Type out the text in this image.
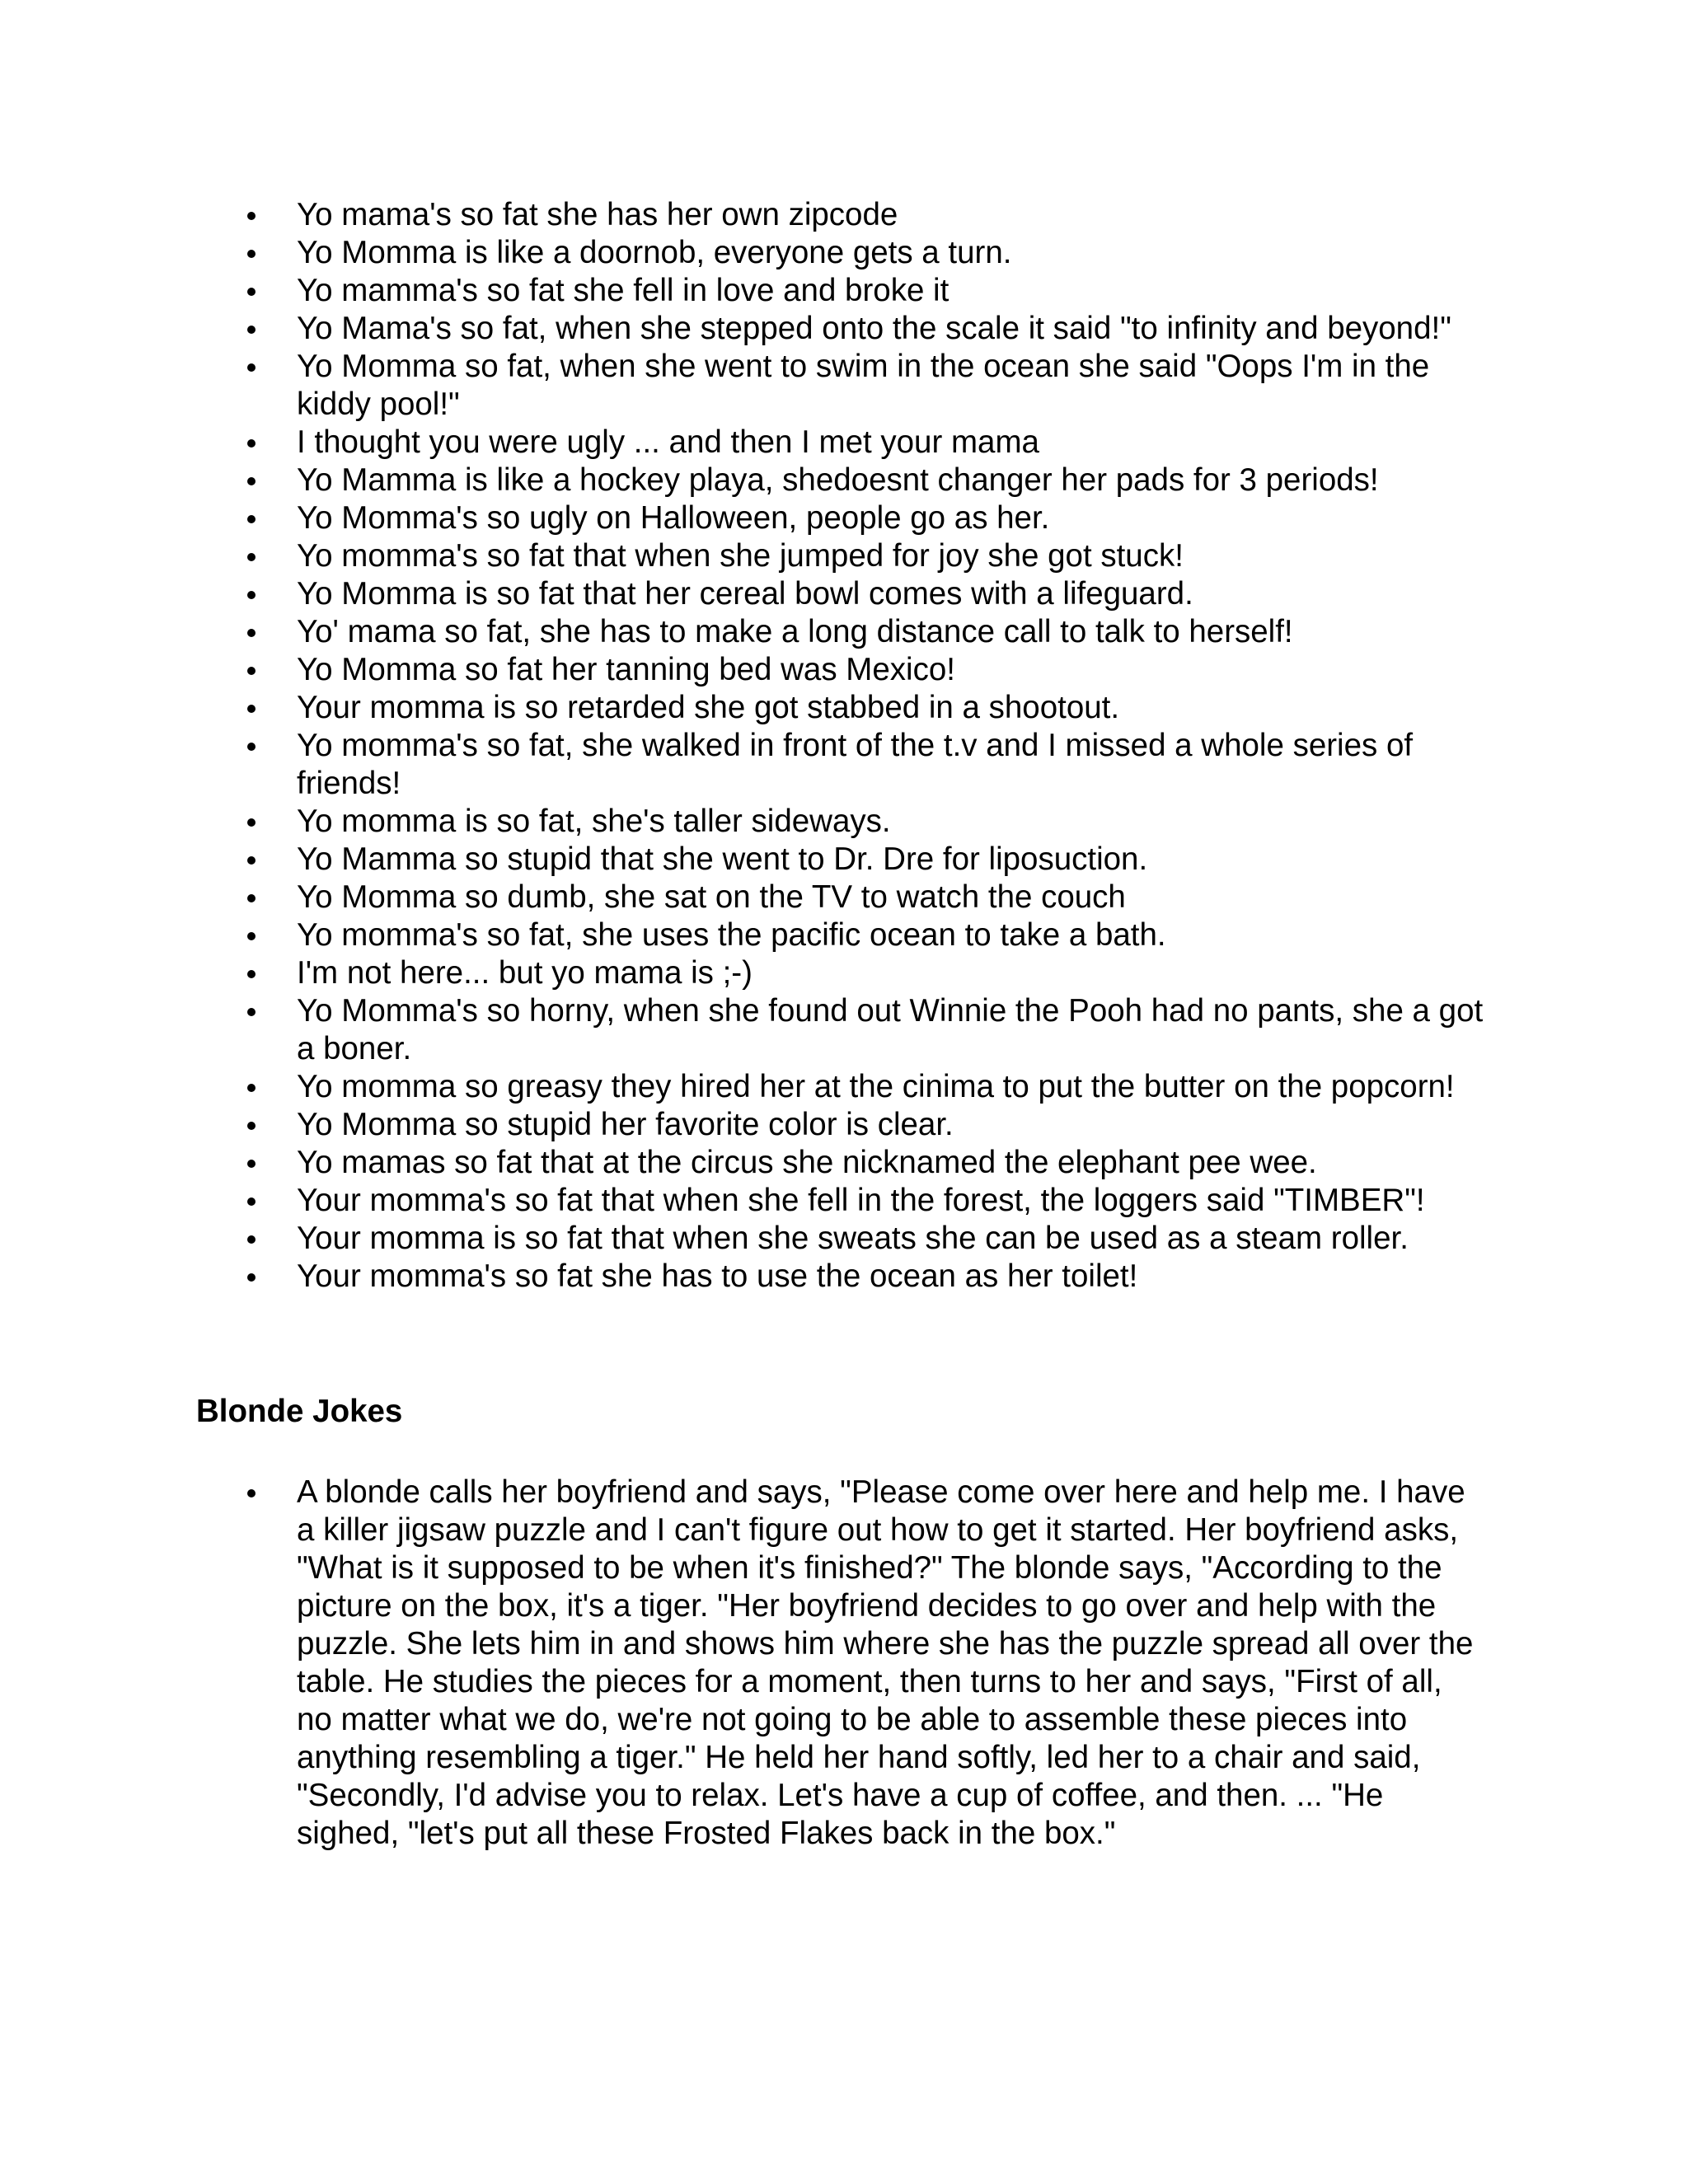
Yo mama's so fat she has her own zipcode
Yo Momma is like a doornob, everyone gets a turn.
Yo mamma's so fat she fell in love and broke it
Yo Mama's so fat, when she stepped onto the scale it said "to infinity and beyond!"
Yo Momma so fat, when she went to swim in the ocean she said "Oops I'm in the kiddy pool!"
I thought you were ugly ... and then I met your mama
Yo Mamma is like a hockey playa, shedoesnt changer her pads for 3 periods!
Yo Momma's so ugly on Halloween, people go as her.
Yo momma's so fat that when she jumped for joy she got stuck!
Yo Momma is so fat that her cereal bowl comes with a lifeguard.
Yo' mama so fat, she has to make a long distance call to talk to herself!
Yo Momma so fat her tanning bed was Mexico!
Your momma is so retarded she got stabbed in a shootout.
Yo momma's so fat, she walked in front of the t.v and I missed a whole series of friends!
Yo momma is so fat, she's taller sideways.
Yo Mamma so stupid that she went to Dr. Dre for liposuction.
Yo Momma so dumb, she sat on the TV to watch the couch
Yo momma's so fat, she uses the pacific ocean to take a bath.
I'm not here... but yo mama is ;-)
Yo Momma's so horny, when she found out Winnie the Pooh had no pants, she a got a boner.
Yo momma so greasy they hired her at the cinima to put the butter on the popcorn!
Yo Momma so stupid her favorite color is clear.
Yo mamas so fat that at the circus she nicknamed the elephant pee wee.
Your momma's so fat that when she fell in the forest, the loggers said "TIMBER"!
Your momma is so fat that when she sweats she can be used as a steam roller.
Your momma's so fat she has to use the ocean as her toilet!
Blonde Jokes
A blonde calls her boyfriend and says, "Please come over here and help me. I have a killer jigsaw puzzle and I can't figure out how to get it started. Her boyfriend asks, "What is it supposed to be when it's finished?" The blonde says, "According to the picture on the box, it's a tiger. "Her boyfriend decides to go over and help with the puzzle. She lets him in and shows him where she has the puzzle spread all over the table. He studies the pieces for a moment, then turns to her and says, "First of all, no matter what we do, we're not going to be able to assemble these pieces into anything resembling a tiger." He held her hand softly, led her to a chair and said, "Secondly, I'd advise you to relax. Let's have a cup of coffee, and then. ... "He sighed, "let's put all these Frosted Flakes back in the box."
